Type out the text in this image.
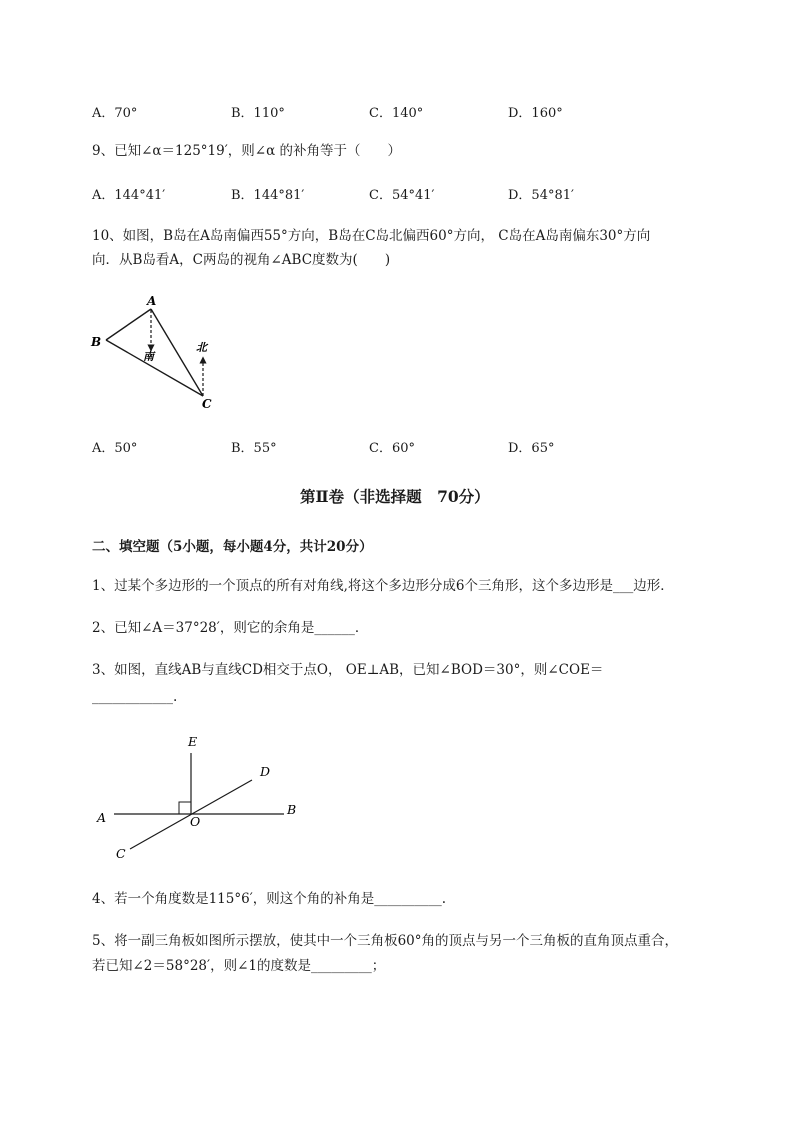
A．70°	B．110°	C．140°	D．160°
9、已知∠α＝125°19′，则∠α 的补角等于（　　）
A．144°41′	B．144°81′	C．54°41′	D．54°81′
10、如图，B岛在A岛南偏西55°方向，B岛在C岛北偏西60°方向， C岛在A岛南偏东30°方向
向．从B岛看A，C两岛的视角∠ABC度数为(　　)
A
B
C
南
北
A．50°	B．55°	C．60°	D．65°
第Ⅱ卷（非选择题　70分）
二、填空题（5小题，每小题4分，共计20分）
1、过某个多边形的一个顶点的所有对角线,将这个多边形分成6个三角形，这个多边形是___边形．
2、已知∠A＝37°28′，则它的余角是______．
3、如图，直线AB与直线CD相交于点O， OE⊥AB，已知∠BOD＝30°，则∠COE＝
____________.
A
B
C
D
E
O
4、若一个角度数是115°6′，则这个角的补角是__________.
5、将一副三角板如图所示摆放，使其中一个三角板60°角的顶点与另一个三角板的直角顶点重合，
若已知∠2＝58°28′，则∠1的度数是_________；
